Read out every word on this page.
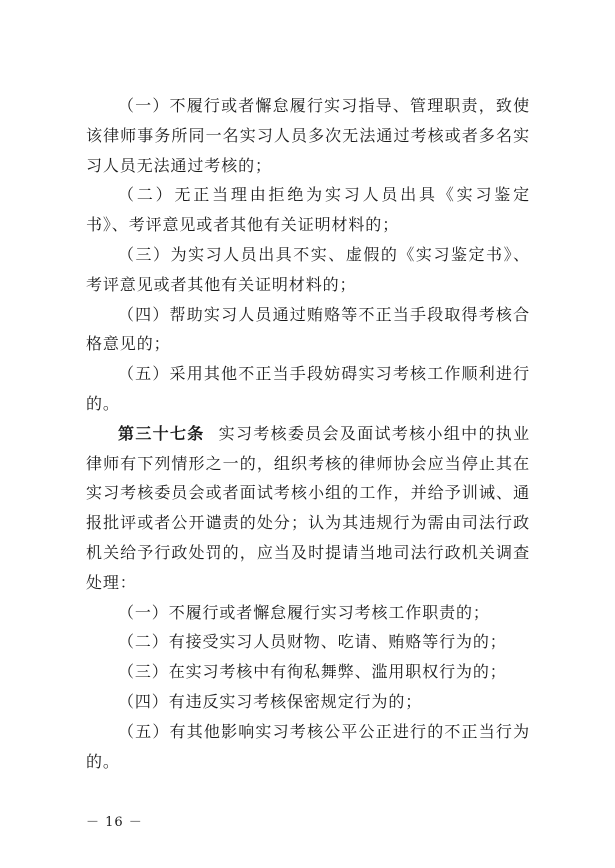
（一）不履行或者懈怠履行实习指导、管理职责，致使该律师事务所同一名实习人员多次无法通过考核或者多名实习人员无法通过考核的；

（二）无正当理由拒绝为实习人员出具《实习鉴定书》、考评意见或者其他有关证明材料的；

（三）为实习人员出具不实、虚假的《实习鉴定书》、考评意见或者其他有关证明材料的；

（四）帮助实习人员通过贿赂等不正当手段取得考核合格意见的；

（五）采用其他不正当手段妨碍实习考核工作顺利进行的。

第三十七条 实习考核委员会及面试考核小组中的执业律师有下列情形之一的，组织考核的律师协会应当停止其在实习考核委员会或者面试考核小组的工作，并给予训诫、通报批评或者公开谴责的处分；认为其违规行为需由司法行政机关给予行政处罚的，应当及时提请当地司法行政机关调查处理：

（一）不履行或者懈怠履行实习考核工作职责的；

（二）有接受实习人员财物、吃请、贿赂等行为的；

（三）在实习考核中有徇私舞弊、滥用职权行为的；

（四）有违反实习考核保密规定行为的；

（五）有其他影响实习考核公平公正进行的不正当行为的。

－ 16 －
